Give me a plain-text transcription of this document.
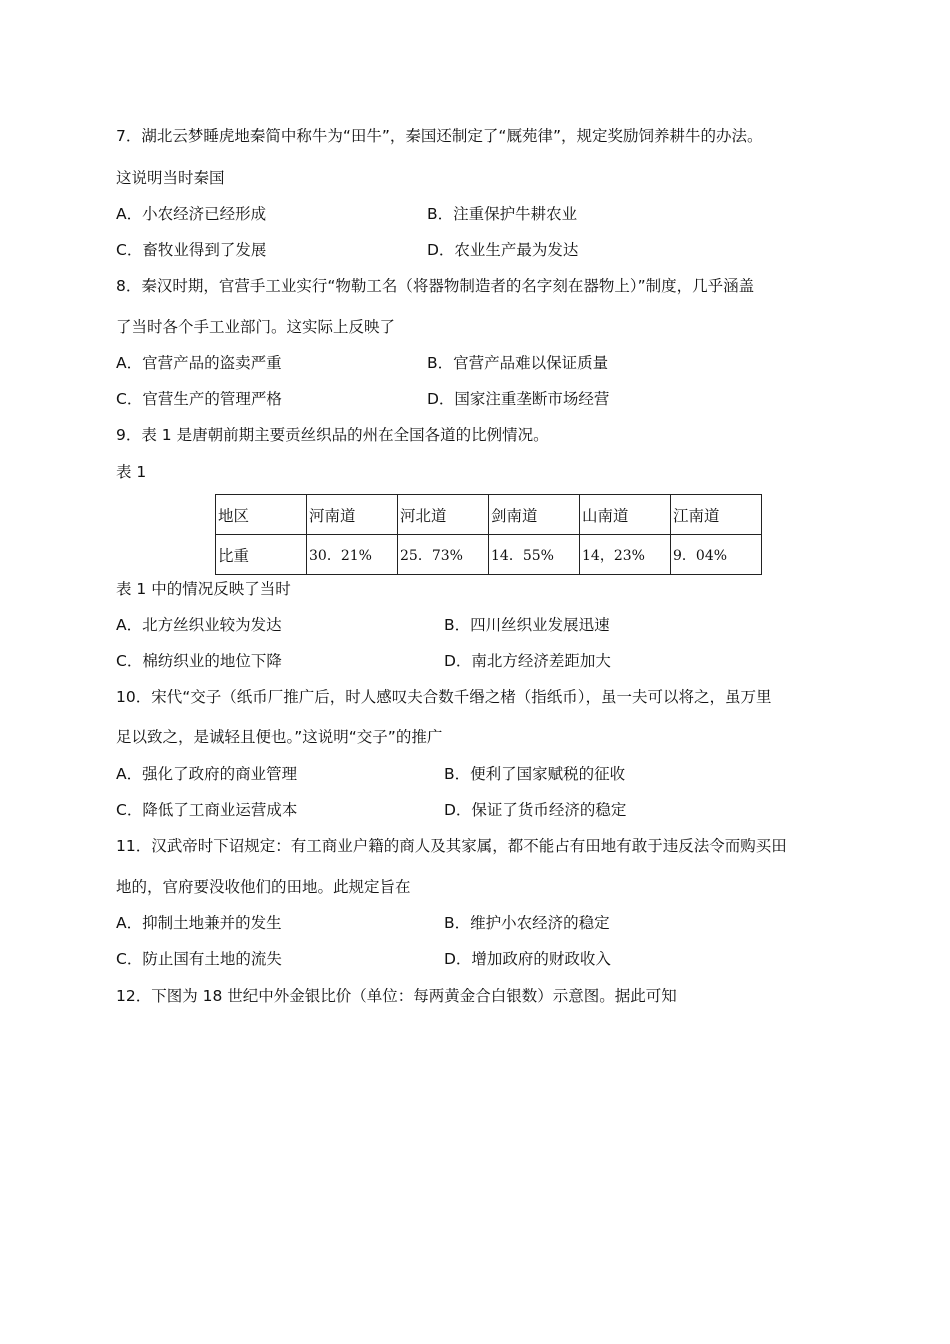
7．湖北云梦睡虎地秦简中称牛为“田牛”，秦国还制定了“厩苑律”，规定奖励饲养耕牛的办法。
这说明当时秦国
A．小农经济已经形成	B．注重保护牛耕农业
C．畜牧业得到了发展	D．农业生产最为发达
8．秦汉时期，官营手工业实行“物勒工名（将器物制造者的名字刻在器物上）”制度，几乎涵盖
了当时各个手工业部门。这实际上反映了
A．官营产品的盗卖严重	B．官营产品难以保证质量
C．官营生产的管理严格	D．国家注重垄断市场经营
9．表 1 是唐朝前期主要贡丝织品的州在全国各道的比例情况。
表 1
地区	河南道	河北道	剑南道	山南道	江南道
比重	30．21%	25．73%	14．55%	14，23%	9．04%
表 1 中的情况反映了当时
A．北方丝织业较为发达	B．四川丝织业发展迅速
C．棉纺织业的地位下降	D．南北方经济差距加大
10．宋代“交子（纸币厂推广后，时人感叹夫合数千缗之楮（指纸币），虽一夫可以将之，虽万里
足以致之，是诚轻且便也。”这说明“交子”的推广
A．强化了政府的商业管理	B．便利了国家赋税的征收
C．降低了工商业运营成本	D．保证了货币经济的稳定
11．汉武帝时下诏规定：有工商业户籍的商人及其家属，都不能占有田地有敢于违反法令而购买田
地的，官府要没收他们的田地。此规定旨在
A．抑制土地兼并的发生	B．维护小农经济的稳定
C．防止国有土地的流失	D．增加政府的财政收入
12．下图为 18 世纪中外金银比价（单位：每两黄金合白银数）示意图。据此可知
